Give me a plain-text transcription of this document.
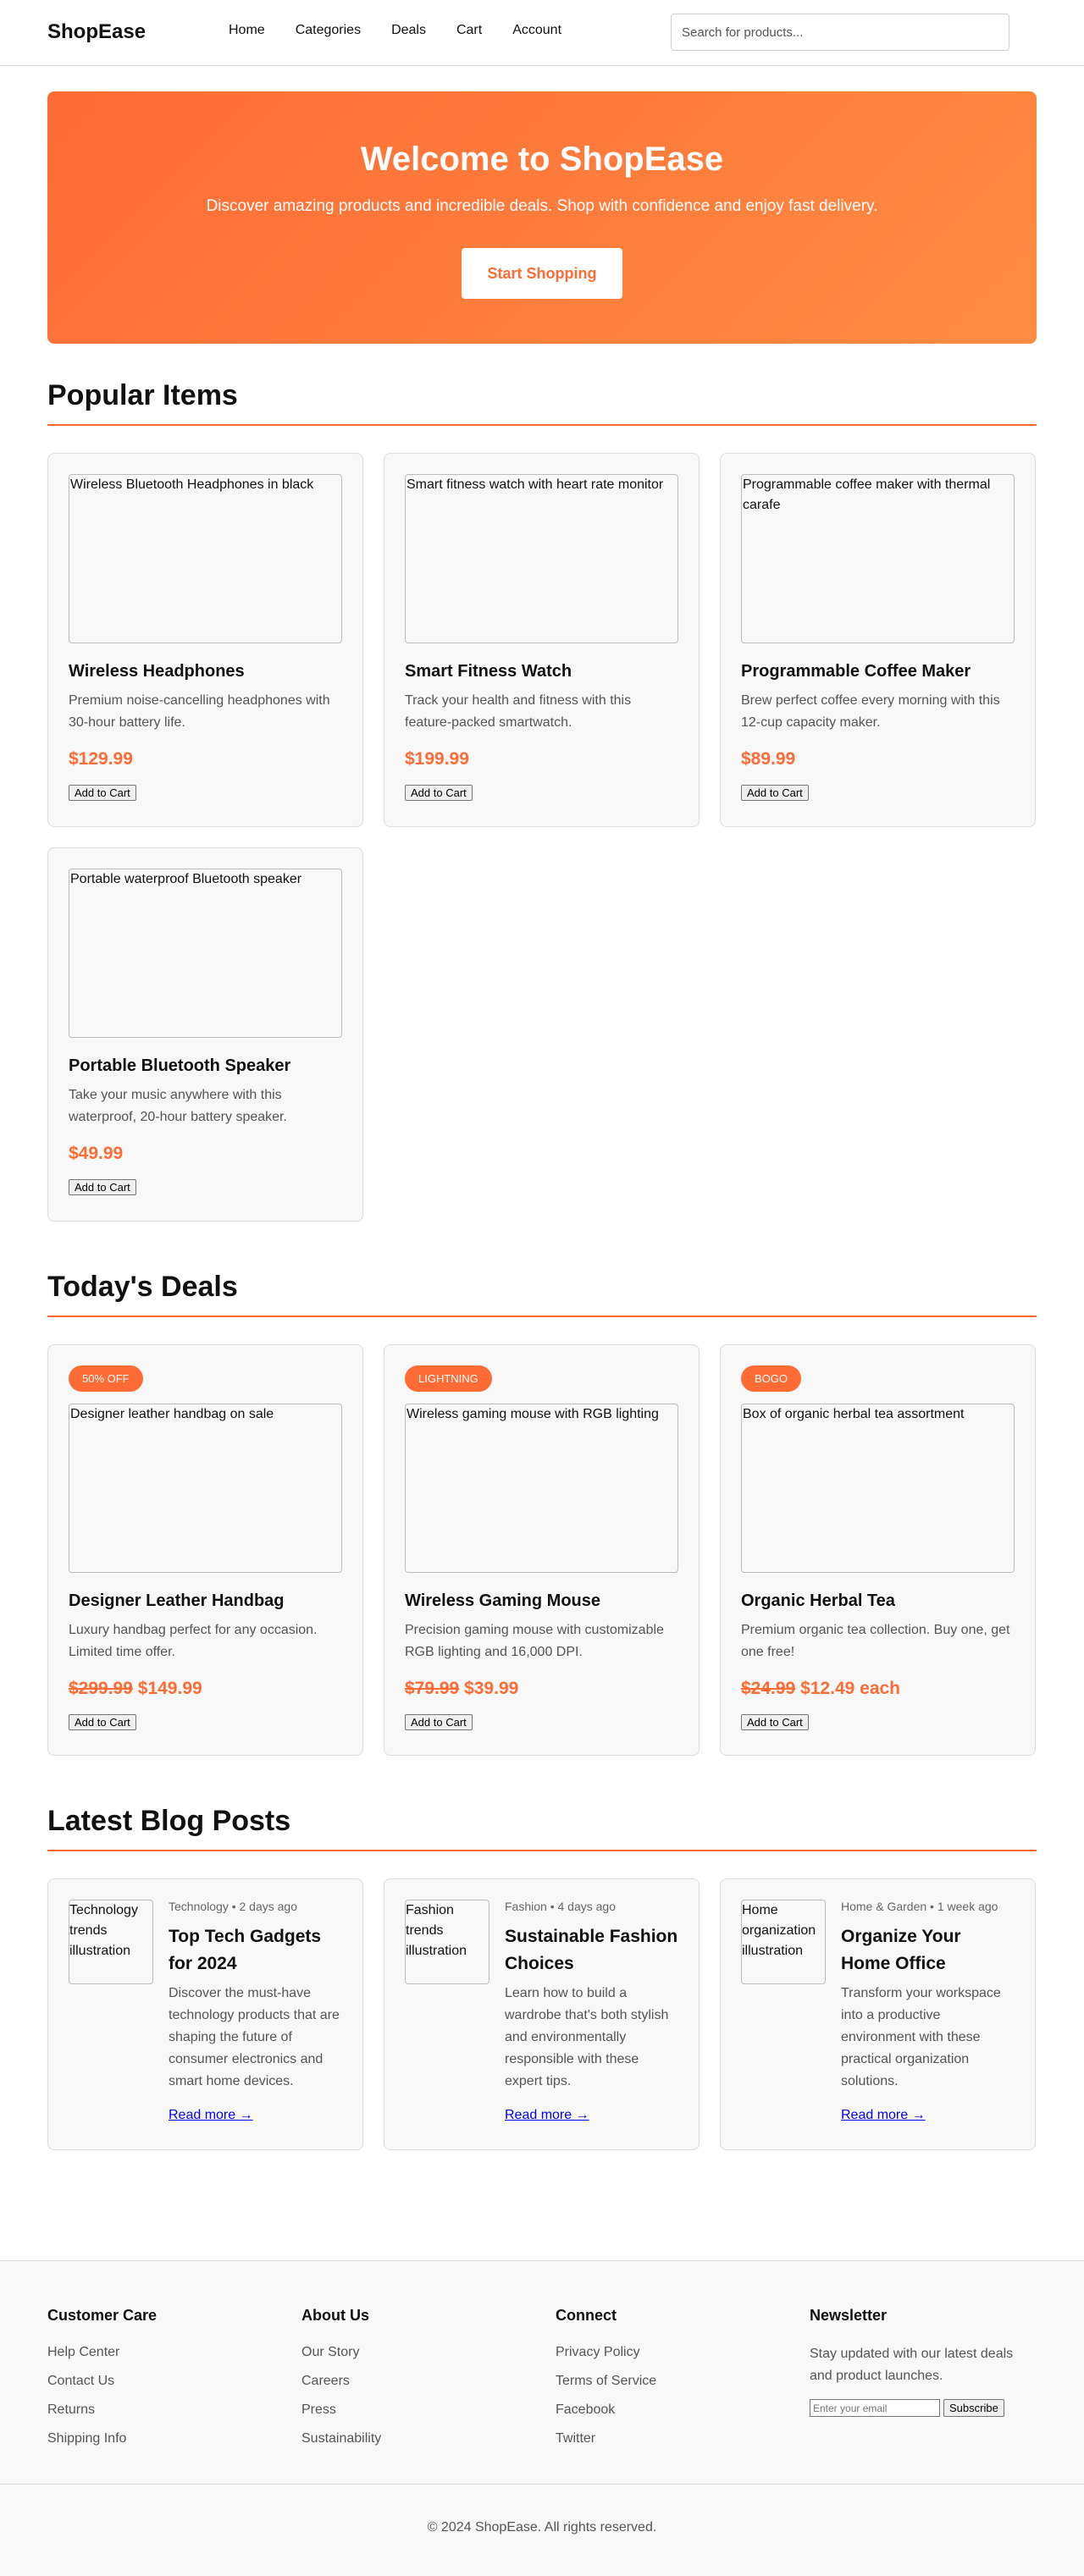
ShopEase	Home Categories Deals Cart Account
Search for products...
Welcome to ShopEase

Discover amazing products and incredible deals. Shop with confidence and enjoy fast delivery.

Start Shopping
Popular Items
Wireless Bluetooth Headphones in black
Wireless Headphones

Premium noise-cancelling headphones with 30-hour battery life.

$129.99
Add to Cart
Smart fitness watch with heart rate monitor
Smart Fitness Watch

Track your health and fitness with this feature-packed smartwatch.

$199.99
Add to Cart
Programmable coffee maker with thermal carafe
Programmable Coffee Maker

Brew perfect coffee every morning with this 12-cup capacity maker.

$89.99
Add to Cart
Portable waterproof Bluetooth speaker
Portable Bluetooth Speaker

Take your music anywhere with this waterproof, 20-hour battery speaker.

$49.99
Add to Cart
Today's Deals
50% OFF
Designer leather handbag on sale
Designer Leather Handbag

Luxury handbag perfect for any occasion. Limited time offer.

$299.99 $149.99
Add to Cart
LIGHTNING
Wireless gaming mouse with RGB lighting
Wireless Gaming Mouse

Precision gaming mouse with customizable RGB lighting and 16,000 DPI.

$79.99 $39.99
Add to Cart
BOGO
Box of organic herbal tea assortment
Organic Herbal Tea

Premium organic tea collection. Buy one, get one free!

$24.99 $12.49 each
Add to Cart
Latest Blog Posts
Technology trends illustration
Technology • 2 days ago
Top Tech Gadgets for 2024

Discover the must-have technology products that are shaping the future of consumer electronics and smart home devices.

Read more →
Fashion trends illustration
Fashion • 4 days ago
Sustainable Fashion Choices

Learn how to build a wardrobe that's both stylish and environmentally responsible with these expert tips.

Read more →
Home organization illustration
Home & Garden • 1 week ago
Organize Your Home Office

Transform your workspace into a productive environment with these practical organization solutions.

Read more →
Customer Care
Help Center
Contact Us
Returns
Shipping Info
About Us
Our Story
Careers
Press
Sustainability
Connect
Privacy Policy
Terms of Service
Facebook
Twitter
Newsletter

Stay updated with our latest deals and product launches.

Enter your email
Subscribe
© 2024 ShopEase. All rights reserved.
